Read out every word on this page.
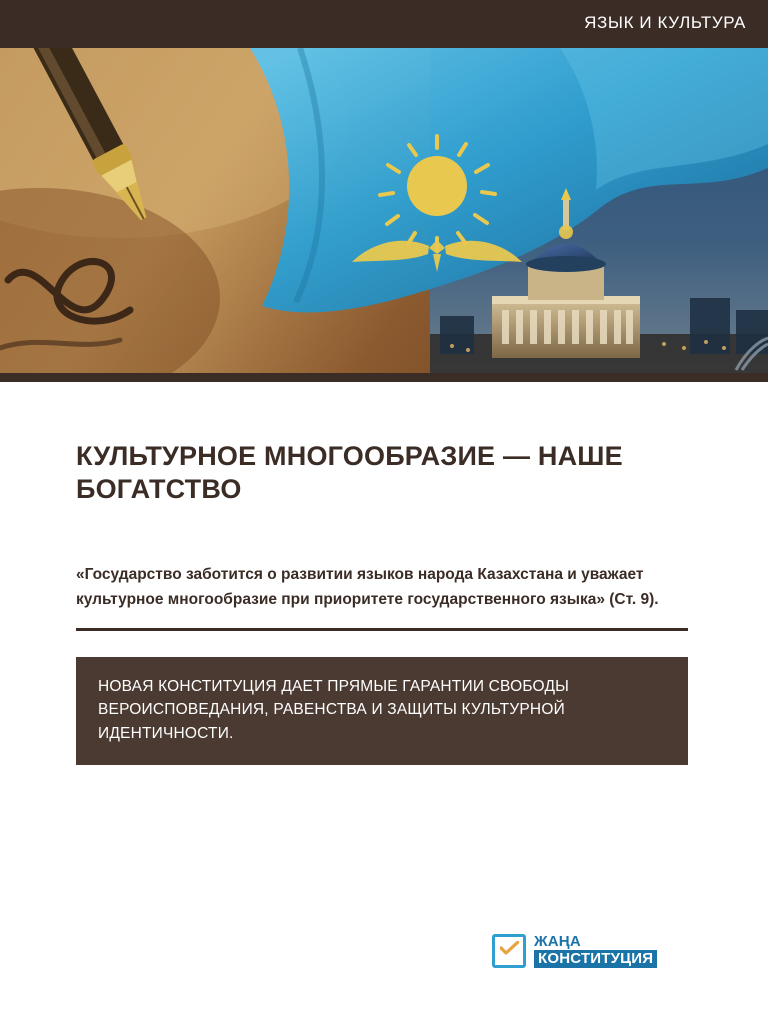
ЯЗЫК И КУЛЬТУРА
КУЛЬТУРНОЕ МНОГООБРАЗИЕ — НАШЕ БОГАТСТВО

«Государство заботится о развитии языков народа Казахстана и уважает культурное многообразие при приоритете государственного языка» (Ст. 9).

НОВАЯ КОНСТИТУЦИЯ ДАЕТ ПРЯМЫЕ ГАРАНТИИ СВОБОДЫ ВЕРОИСПОВЕДАНИЯ, РАВЕНСТВА И ЗАЩИТЫ КУЛЬТУРНОЙ ИДЕНТИЧНОСТИ.
ЖАҢА
КОНСТИТУЦИЯ
